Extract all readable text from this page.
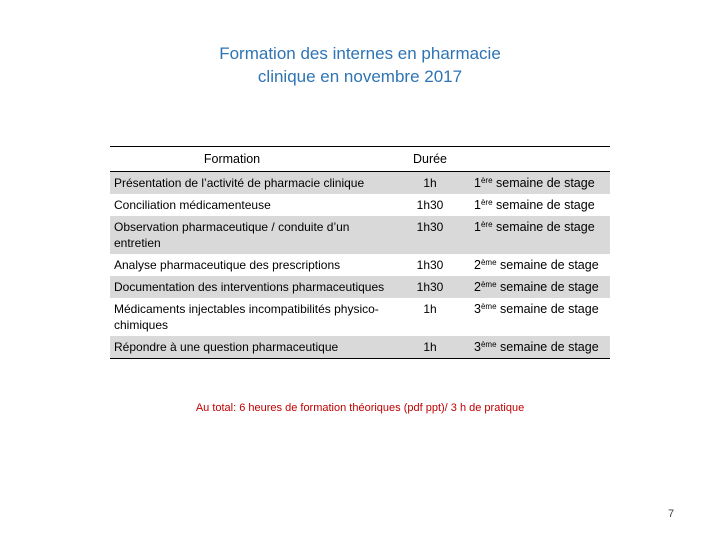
Formation des internes en pharmacie
clinique en novembre 2017
Formation	Durée	
Présentation de l’activité de pharmacie clinique	1h	1ère semaine de stage
Conciliation médicamenteuse	1h30	1ère semaine de stage
Observation pharmaceutique / conduite d’un entretien	1h30	1ère semaine de stage
Analyse pharmaceutique des prescriptions	1h30	2ème semaine de stage
Documentation des interventions pharmaceutiques	1h30	2ème semaine de stage
Médicaments injectables incompatibilités physico-chimiques	1h	3ème semaine de stage
Répondre à une question pharmaceutique	1h	3ème semaine de stage
Au total: 6 heures de formation théoriques (pdf ppt)/ 3 h de pratique
7
